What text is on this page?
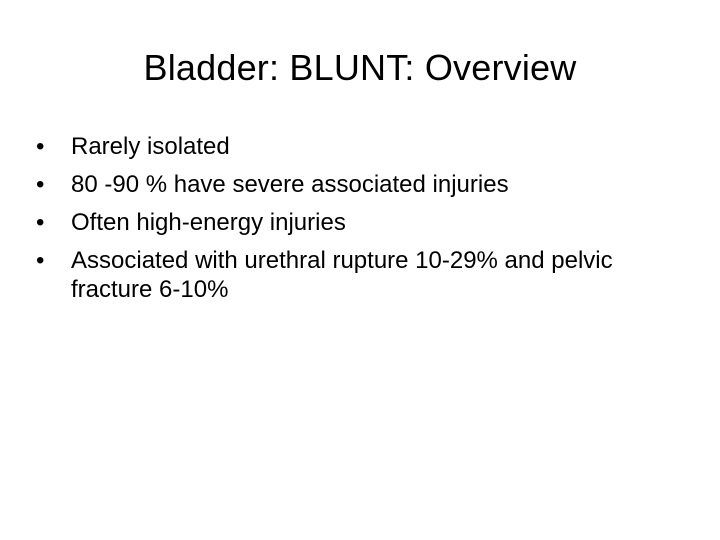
Bladder: BLUNT: Overview
•	Rarely isolated
•	80 -90 % have severe associated injuries
•	Often high-energy injuries
•	Associated with urethral rupture 10-29% and pelvic fracture 6-10%
